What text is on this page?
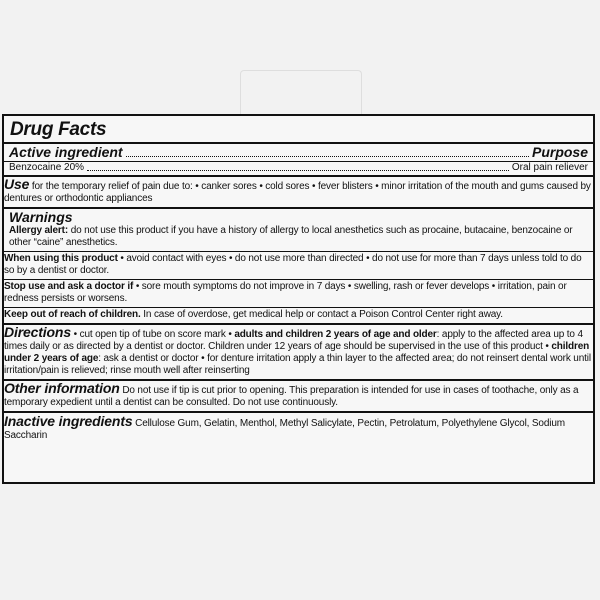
Drug Facts
Active ingredient	Purpose
Benzocaine 20%	Oral pain reliever
Use for the temporary relief of pain due to: • canker sores • cold sores • fever blisters • minor irritation of the mouth and gums caused by dentures or orthodontic appliances
Warnings
Allergy alert: do not use this product if you have a history of allergy to local anesthetics such as procaine, butacaine, benzocaine or other “caine” anesthetics.
When using this product • avoid contact with eyes • do not use more than directed • do not use for more than 7 days unless told to do so by a dentist or doctor.
Stop use and ask a doctor if • sore mouth symptoms do not improve in 7 days • swelling, rash or fever develops • irritation, pain or redness persists or worsens.
Keep out of reach of children. In case of overdose, get medical help or contact a Poison Control Center right away.
Directions • cut open tip of tube on score mark • adults and children 2 years of age and older: apply to the affected area up to 4 times daily or as directed by a dentist or doctor. Children under 12 years of age should be supervised in the use of this product • children under 2 years of age: ask a dentist or doctor • for denture irritation apply a thin layer to the affected area; do not reinsert dental work until irritation/pain is relieved; rinse mouth well after reinserting
Other information Do not use if tip is cut prior to opening. This preparation is intended for use in cases of toothache, only as a temporary expedient until a dentist can be consulted. Do not use continuously.
Inactive ingredients Cellulose Gum, Gelatin, Menthol, Methyl Salicylate, Pectin, Petrolatum, Polyethylene Glycol, Sodium Saccharin
